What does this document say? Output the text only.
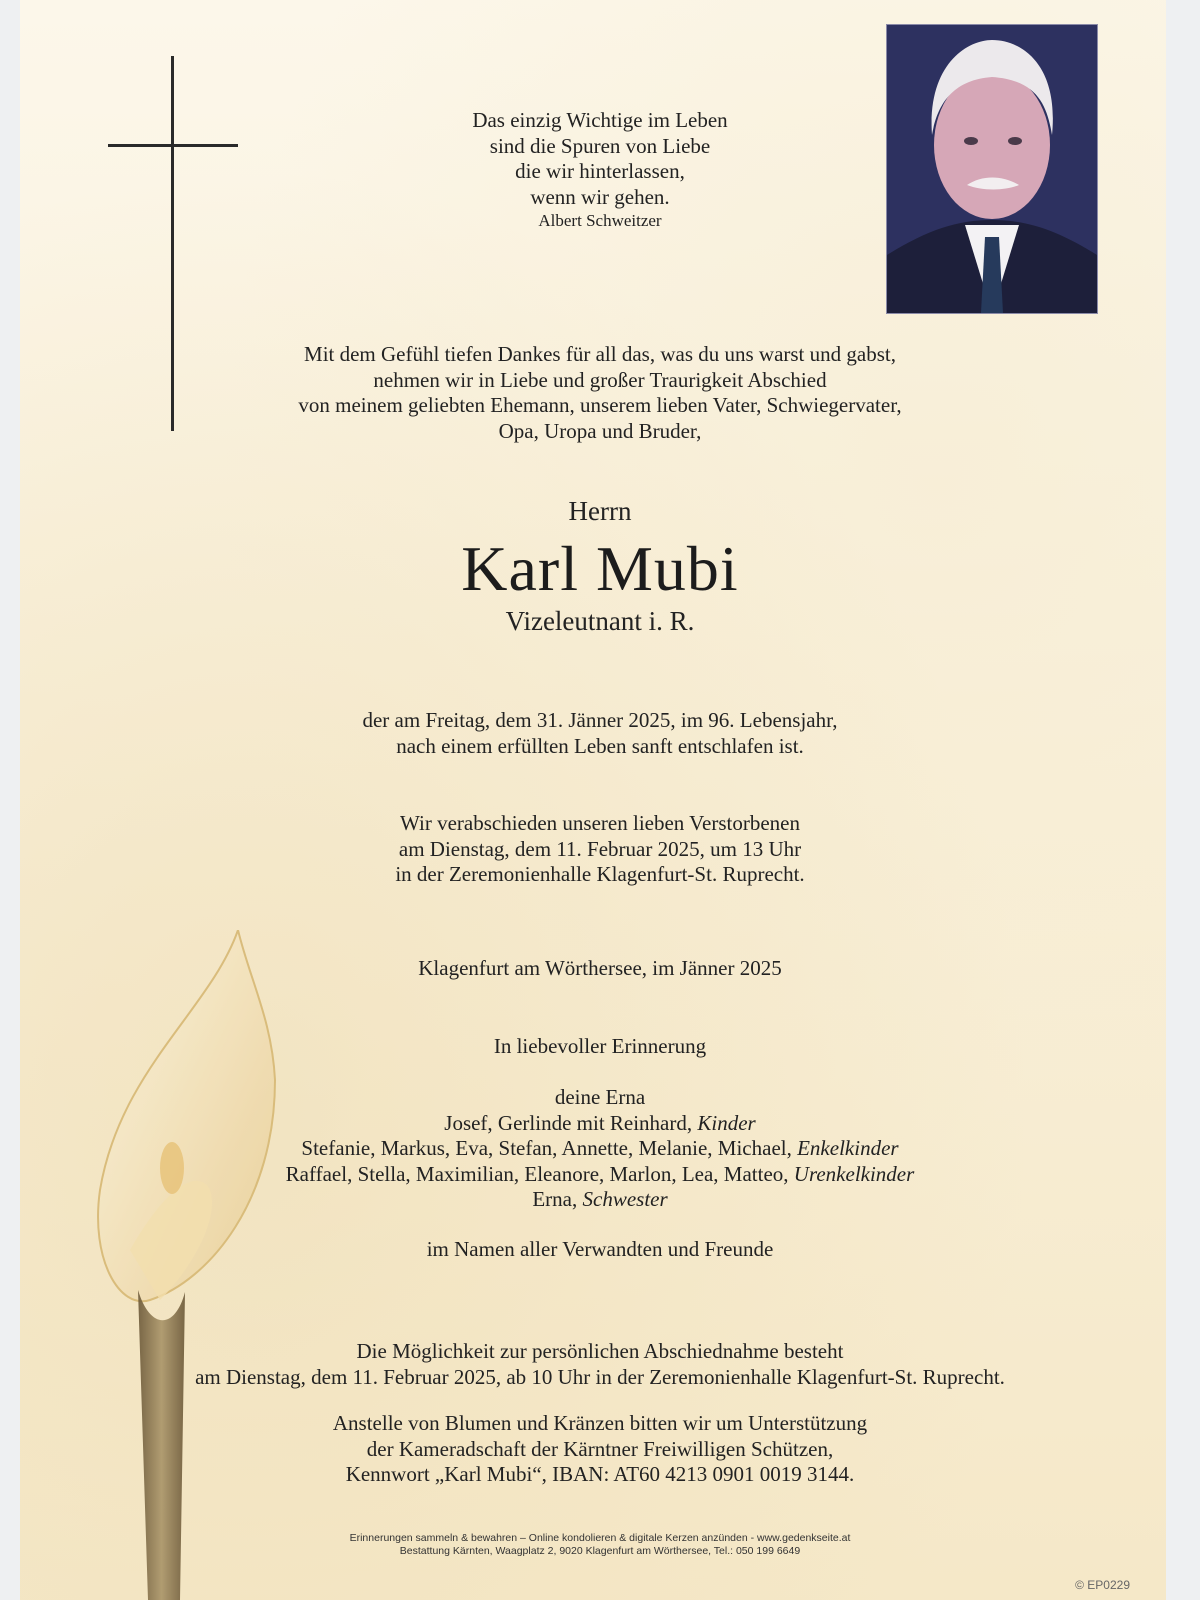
Das einzig Wichtige im Leben
sind die Spuren von Liebe
die wir hinterlassen,
wenn wir gehen.
Albert Schweitzer
Mit dem Gefühl tiefen Dankes für all das, was du uns warst und gabst,
nehmen wir in Liebe und großer Traurigkeit Abschied
von meinem geliebten Ehemann, unserem lieben Vater, Schwiegervater,
Opa, Uropa und Bruder,
Herrn
Karl Mubi
Vizeleutnant i. R.
der am Freitag, dem 31. Jänner 2025, im 96. Lebensjahr,
nach einem erfüllten Leben sanft entschlafen ist.
Wir verabschieden unseren lieben Verstorbenen
am Dienstag, dem 11. Februar 2025, um 13 Uhr
in der Zeremonienhalle Klagenfurt-St. Ruprecht.
Klagenfurt am Wörthersee, im Jänner 2025
In liebevoller Erinnerung
deine Erna
Josef, Gerlinde mit Reinhard, Kinder
Stefanie, Markus, Eva, Stefan, Annette, Melanie, Michael, Enkelkinder
Raffael, Stella, Maximilian, Eleanore, Marlon, Lea, Matteo, Urenkelkinder
Erna, Schwester
im Namen aller Verwandten und Freunde
Die Möglichkeit zur persönlichen Abschiednahme besteht
am Dienstag, dem 11. Februar 2025, ab 10 Uhr in der Zeremonienhalle Klagenfurt-St. Ruprecht.
Anstelle von Blumen und Kränzen bitten wir um Unterstützung
der Kameradschaft der Kärntner Freiwilligen Schützen,
Kennwort „Karl Mubi“, IBAN: AT60 4213 0901 0019 3144.
Erinnerungen sammeln & bewahren – Online kondolieren & digitale Kerzen anzünden - www.gedenkseite.at
Bestattung Kärnten, Waagplatz 2, 9020 Klagenfurt am Wörthersee, Tel.: 050 199 6649
© EP0229
